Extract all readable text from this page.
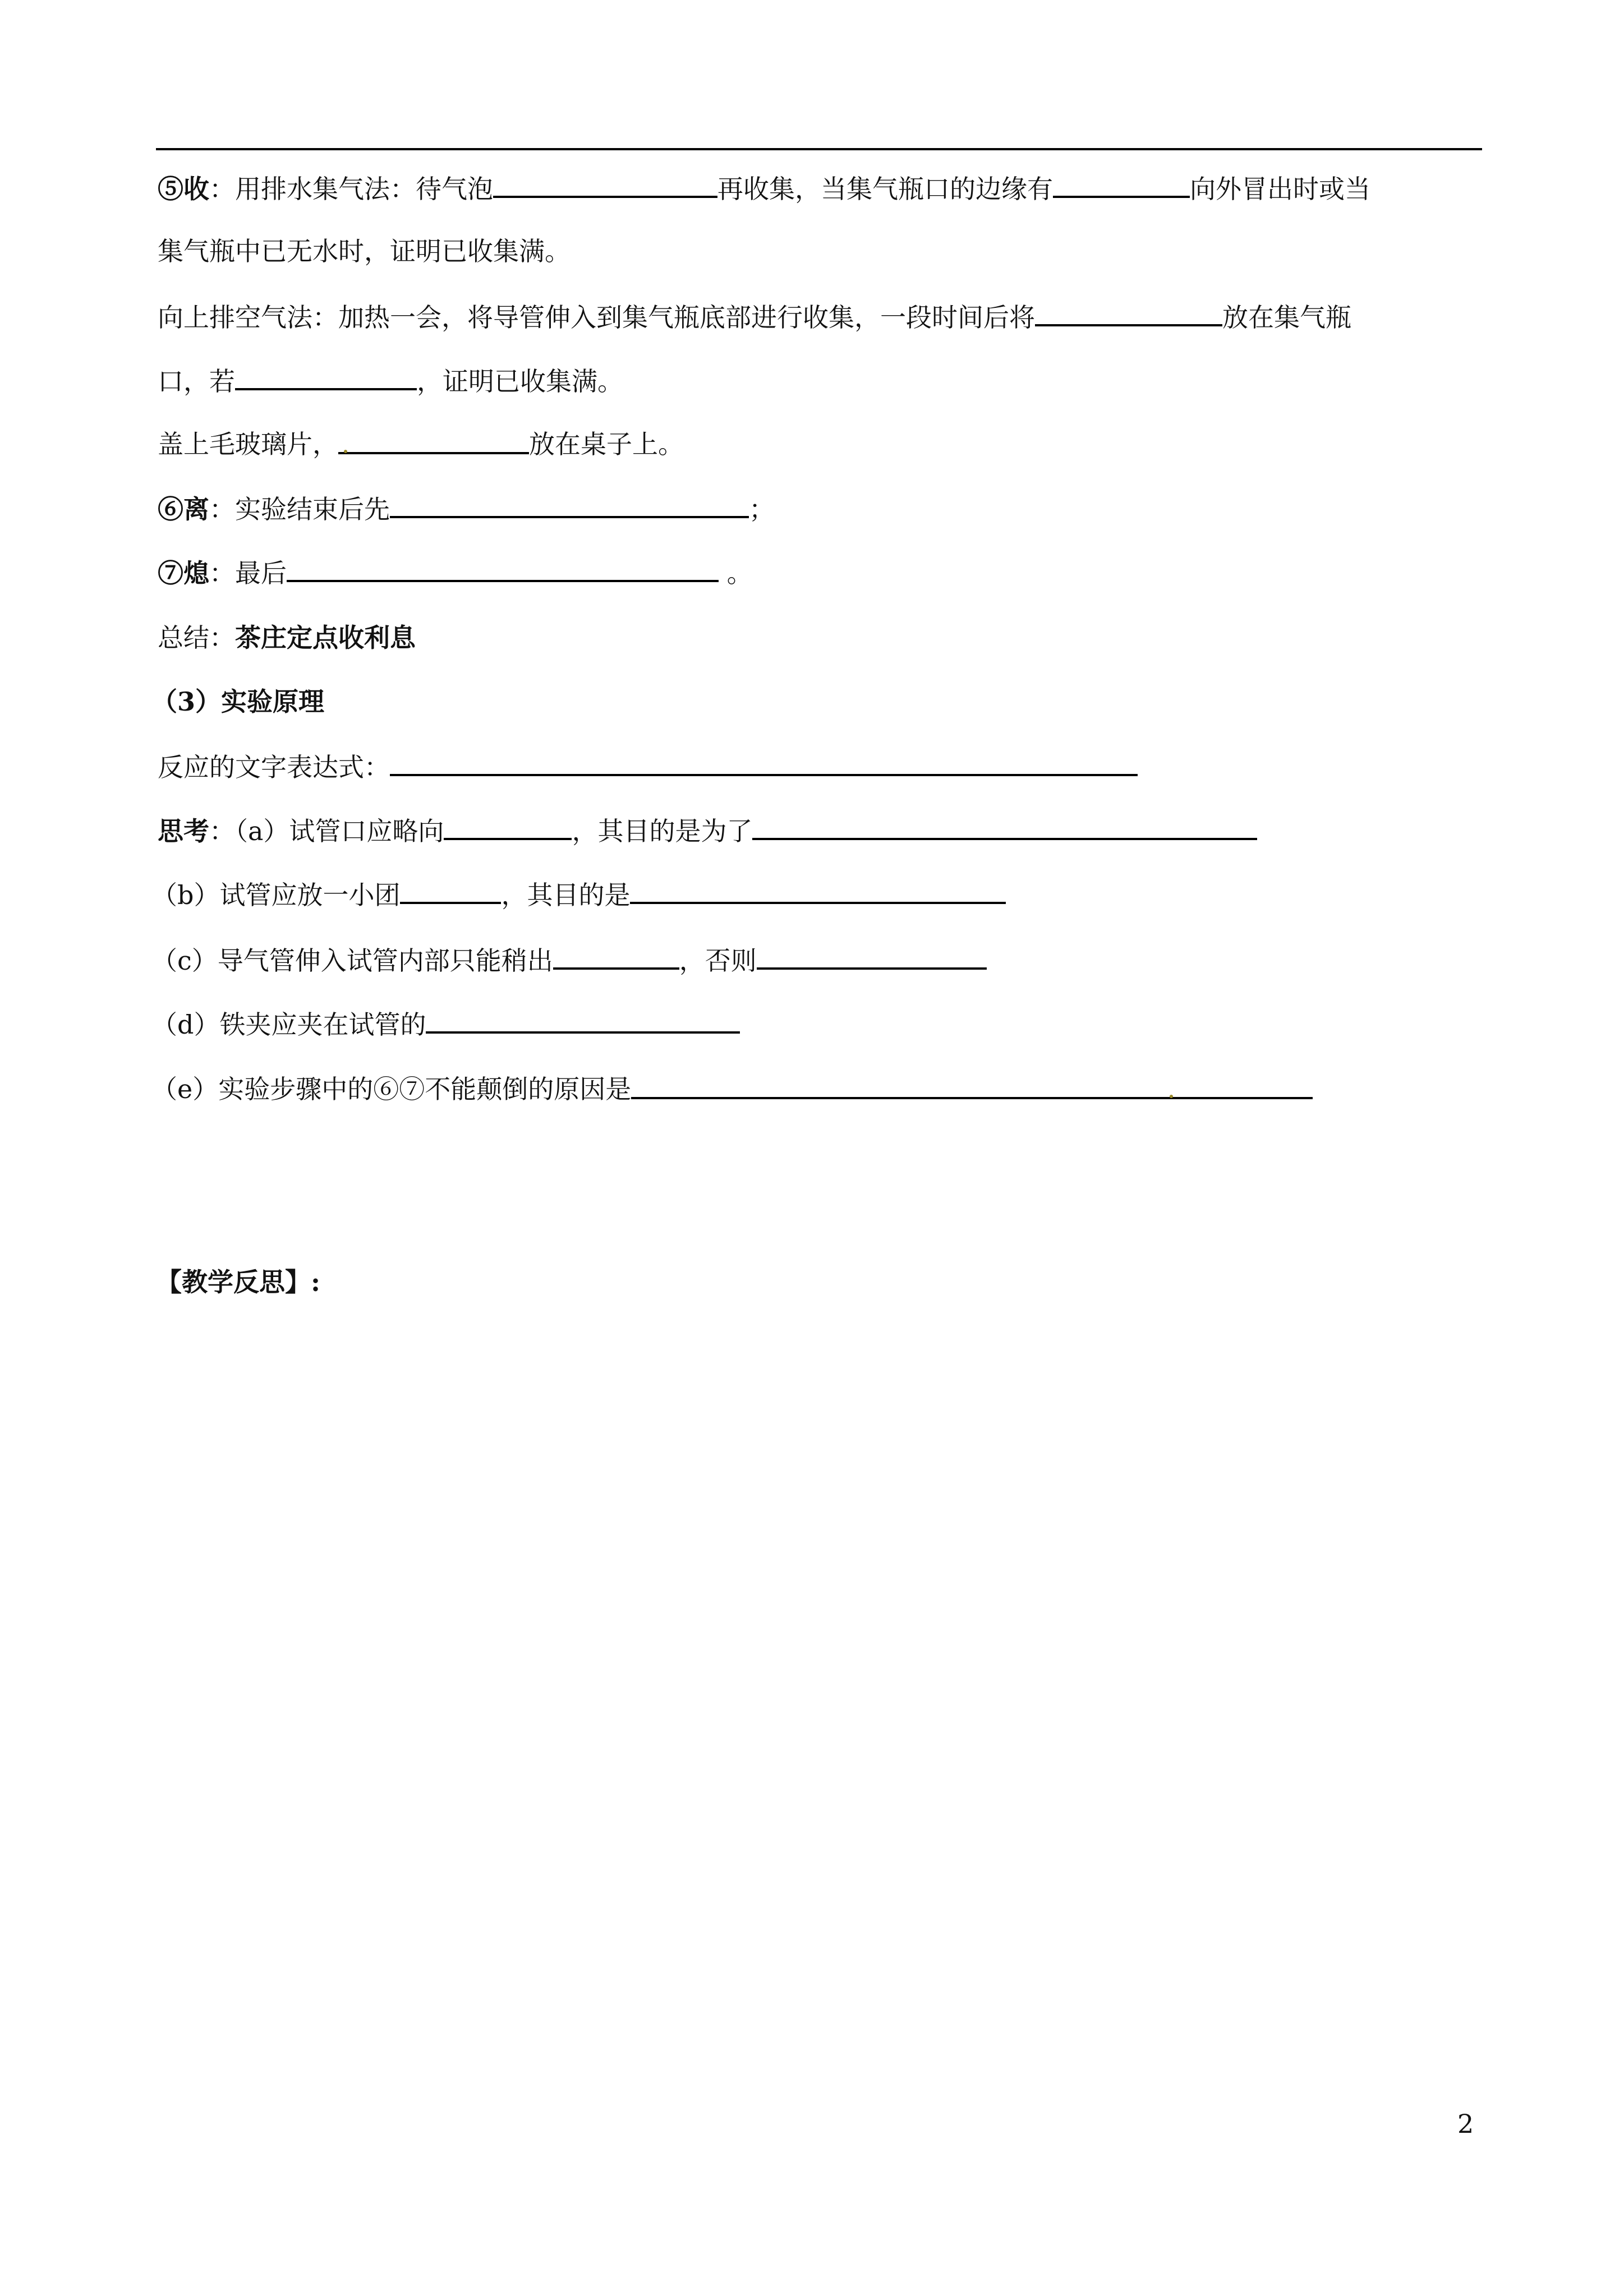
⑤收：用排水集气法：待气泡	再收集，当集气瓶口的边缘有	向外冒出时或当
集气瓶中已无水时，证明已收集满。
向上排空气法：加热一会，将导管伸入到集气瓶底部进行收集，一段时间后将	放在集气瓶
口，若	，证明已收集满。
盖上毛玻璃片，	放在桌子上。
⑥离：实验结束后先	；
⑦熄：最后	。
总结：茶庄定点收利息
（3）实验原理
反应的文字表达式：
思考：（a）试管口应略向	，其目的是为了
（b）试管应放一小团	，其目的是
（c）导气管伸入试管内部只能稍出	，否则
（d）铁夹应夹在试管的
（e）实验步骤中的⑥⑦不能颠倒的原因是
【教学反思】:
2
